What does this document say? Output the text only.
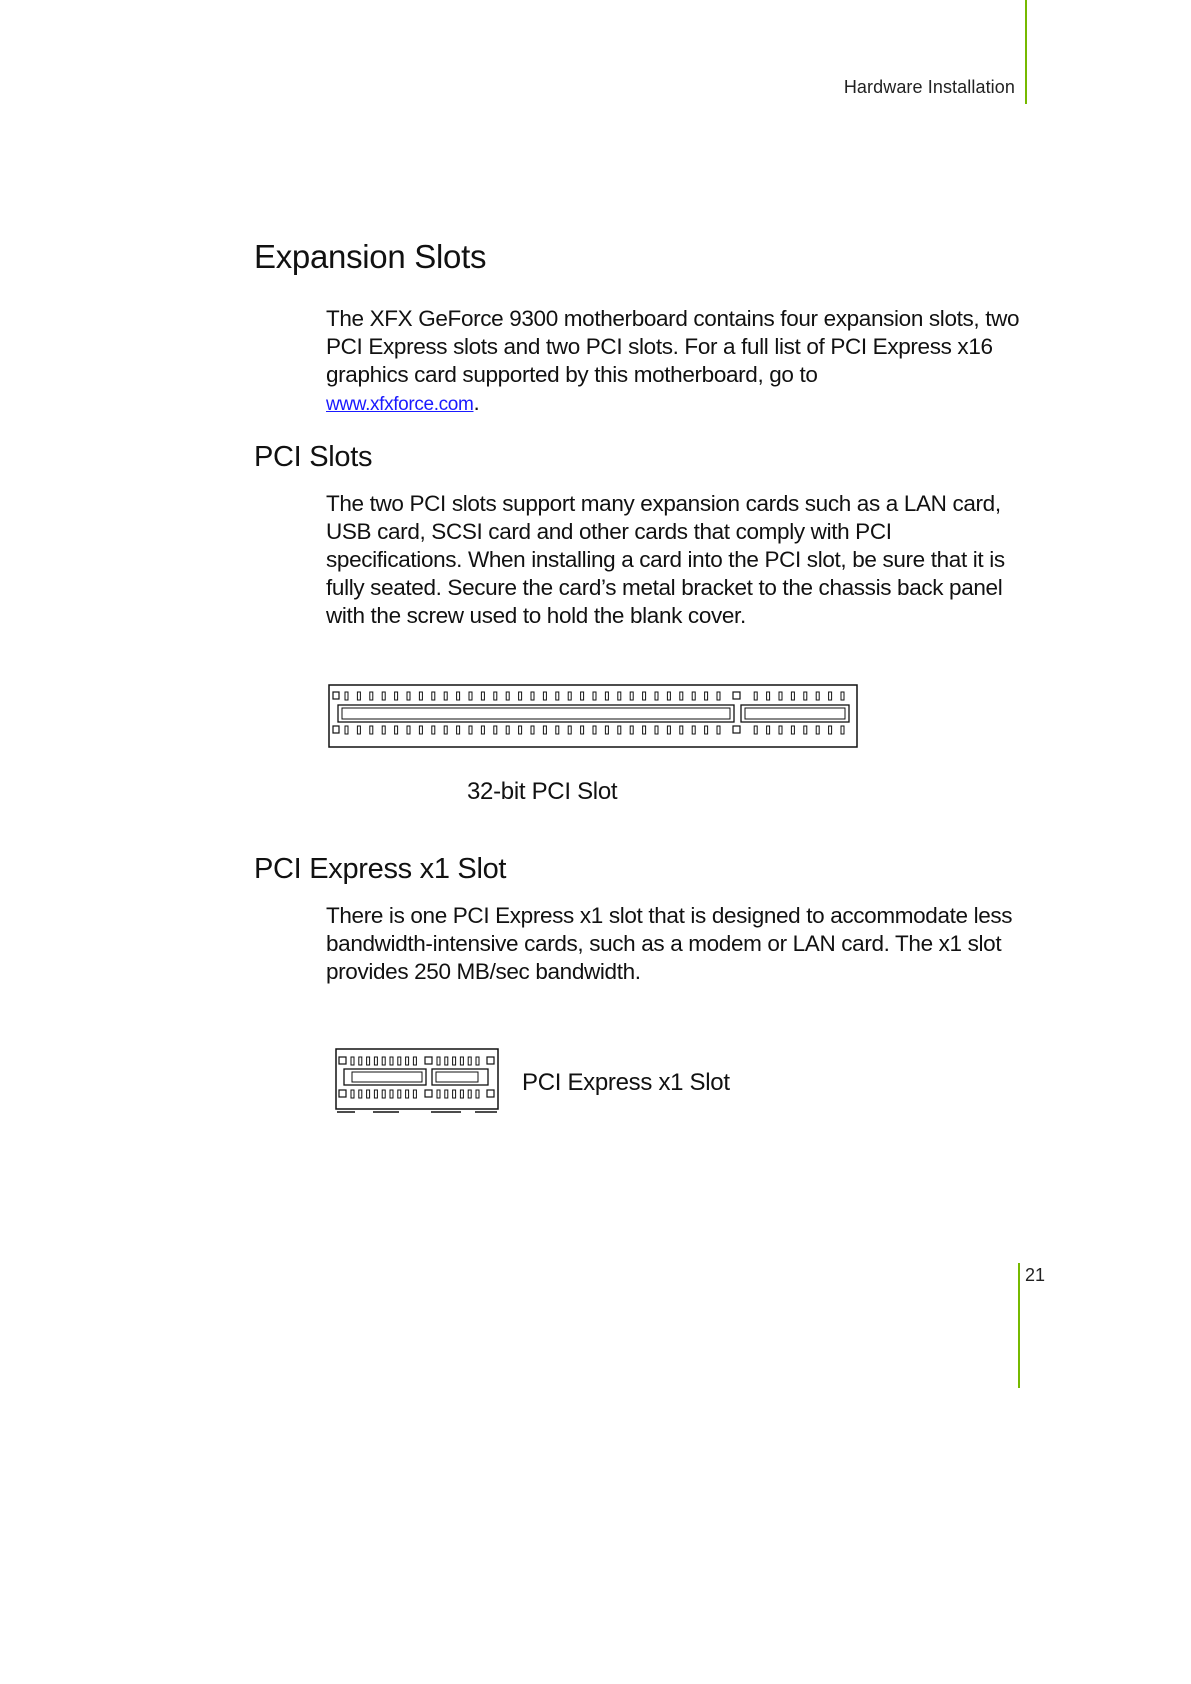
Hardware Installation
Expansion Slots

The XFX GeForce 9300 motherboard contains four expansion slots, two PCI Express slots and two PCI slots. For a full list of PCI Express x16 graphics card supported by this motherboard, go to
www.xfxforce.com.

PCI Slots

The two PCI slots support many expansion cards such as a LAN card, USB card, SCSI card and other cards that comply with PCI specifications. When installing a card into the PCI slot, be sure that it is fully seated. Secure the card’s metal bracket to the chassis back panel with the screw used to hold the blank cover.

32-bit PCI Slot

PCI Express x1 Slot

There is one PCI Express x1 slot that is designed to accommodate less bandwidth-intensive cards, such as a modem or LAN card. The x1 slot provides 250 MB/sec bandwidth.

PCI Express x1 Slot

21
